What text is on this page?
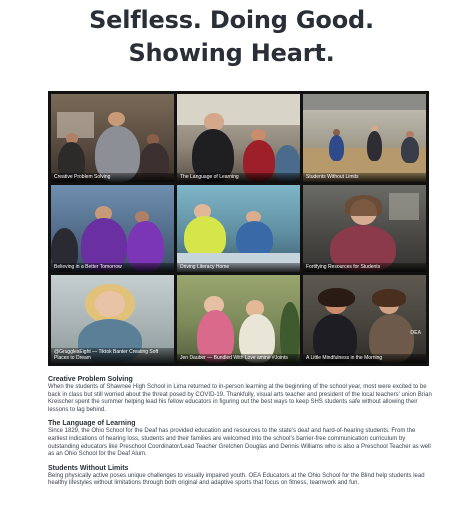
Selfless. Doing Good.
Showing Heart.
Creative Problem Solving	The Language of Learning	Students Without Limits
Believing in a Better Tomorrow	Driving Literacy Home	Fortifying Resources for Students
@GrugglesEight — Tiktok Banter Creating Soft
Places to Dream	Jen Dauber — Bundled With Love amine #Joints
OEA
A Little Mindfulness in the Morning

Creative Problem Solving

When the students of Shawnee High School in Lima returned to in-person learning at the beginning of the school year, most were excited to be back in class but still worried about the threat posed by COVID-19. Thankfully, visual arts teacher and president of the local teachers' union Brian Kreischer spent the summer helping lead his fellow educators in figuring out the best ways to keep SHS students safe without allowing their lessons to lag behind.

The Language of Learning

Since 1829, the Ohio School for the Deaf has provided education and resources to the state's deaf and hard-of-hearing students. From the earliest indications of hearing loss, students and their families are welcomed into the school's barrier-free communication curriculum by outstanding educators like Preschool Coordinator/Lead Teacher Gretchen Douglas and Dennis Williams who is also a Preschool Teacher as well as an Ohio School for the Deaf Alum.

Students Without Limits

Being physically active poses unique challenges to visually impaired youth. OEA Educators at the Ohio School for the Blind help students lead healthy lifestyles without limitations through both original and adaptive sports that focus on fitness, teamwork and fun.
